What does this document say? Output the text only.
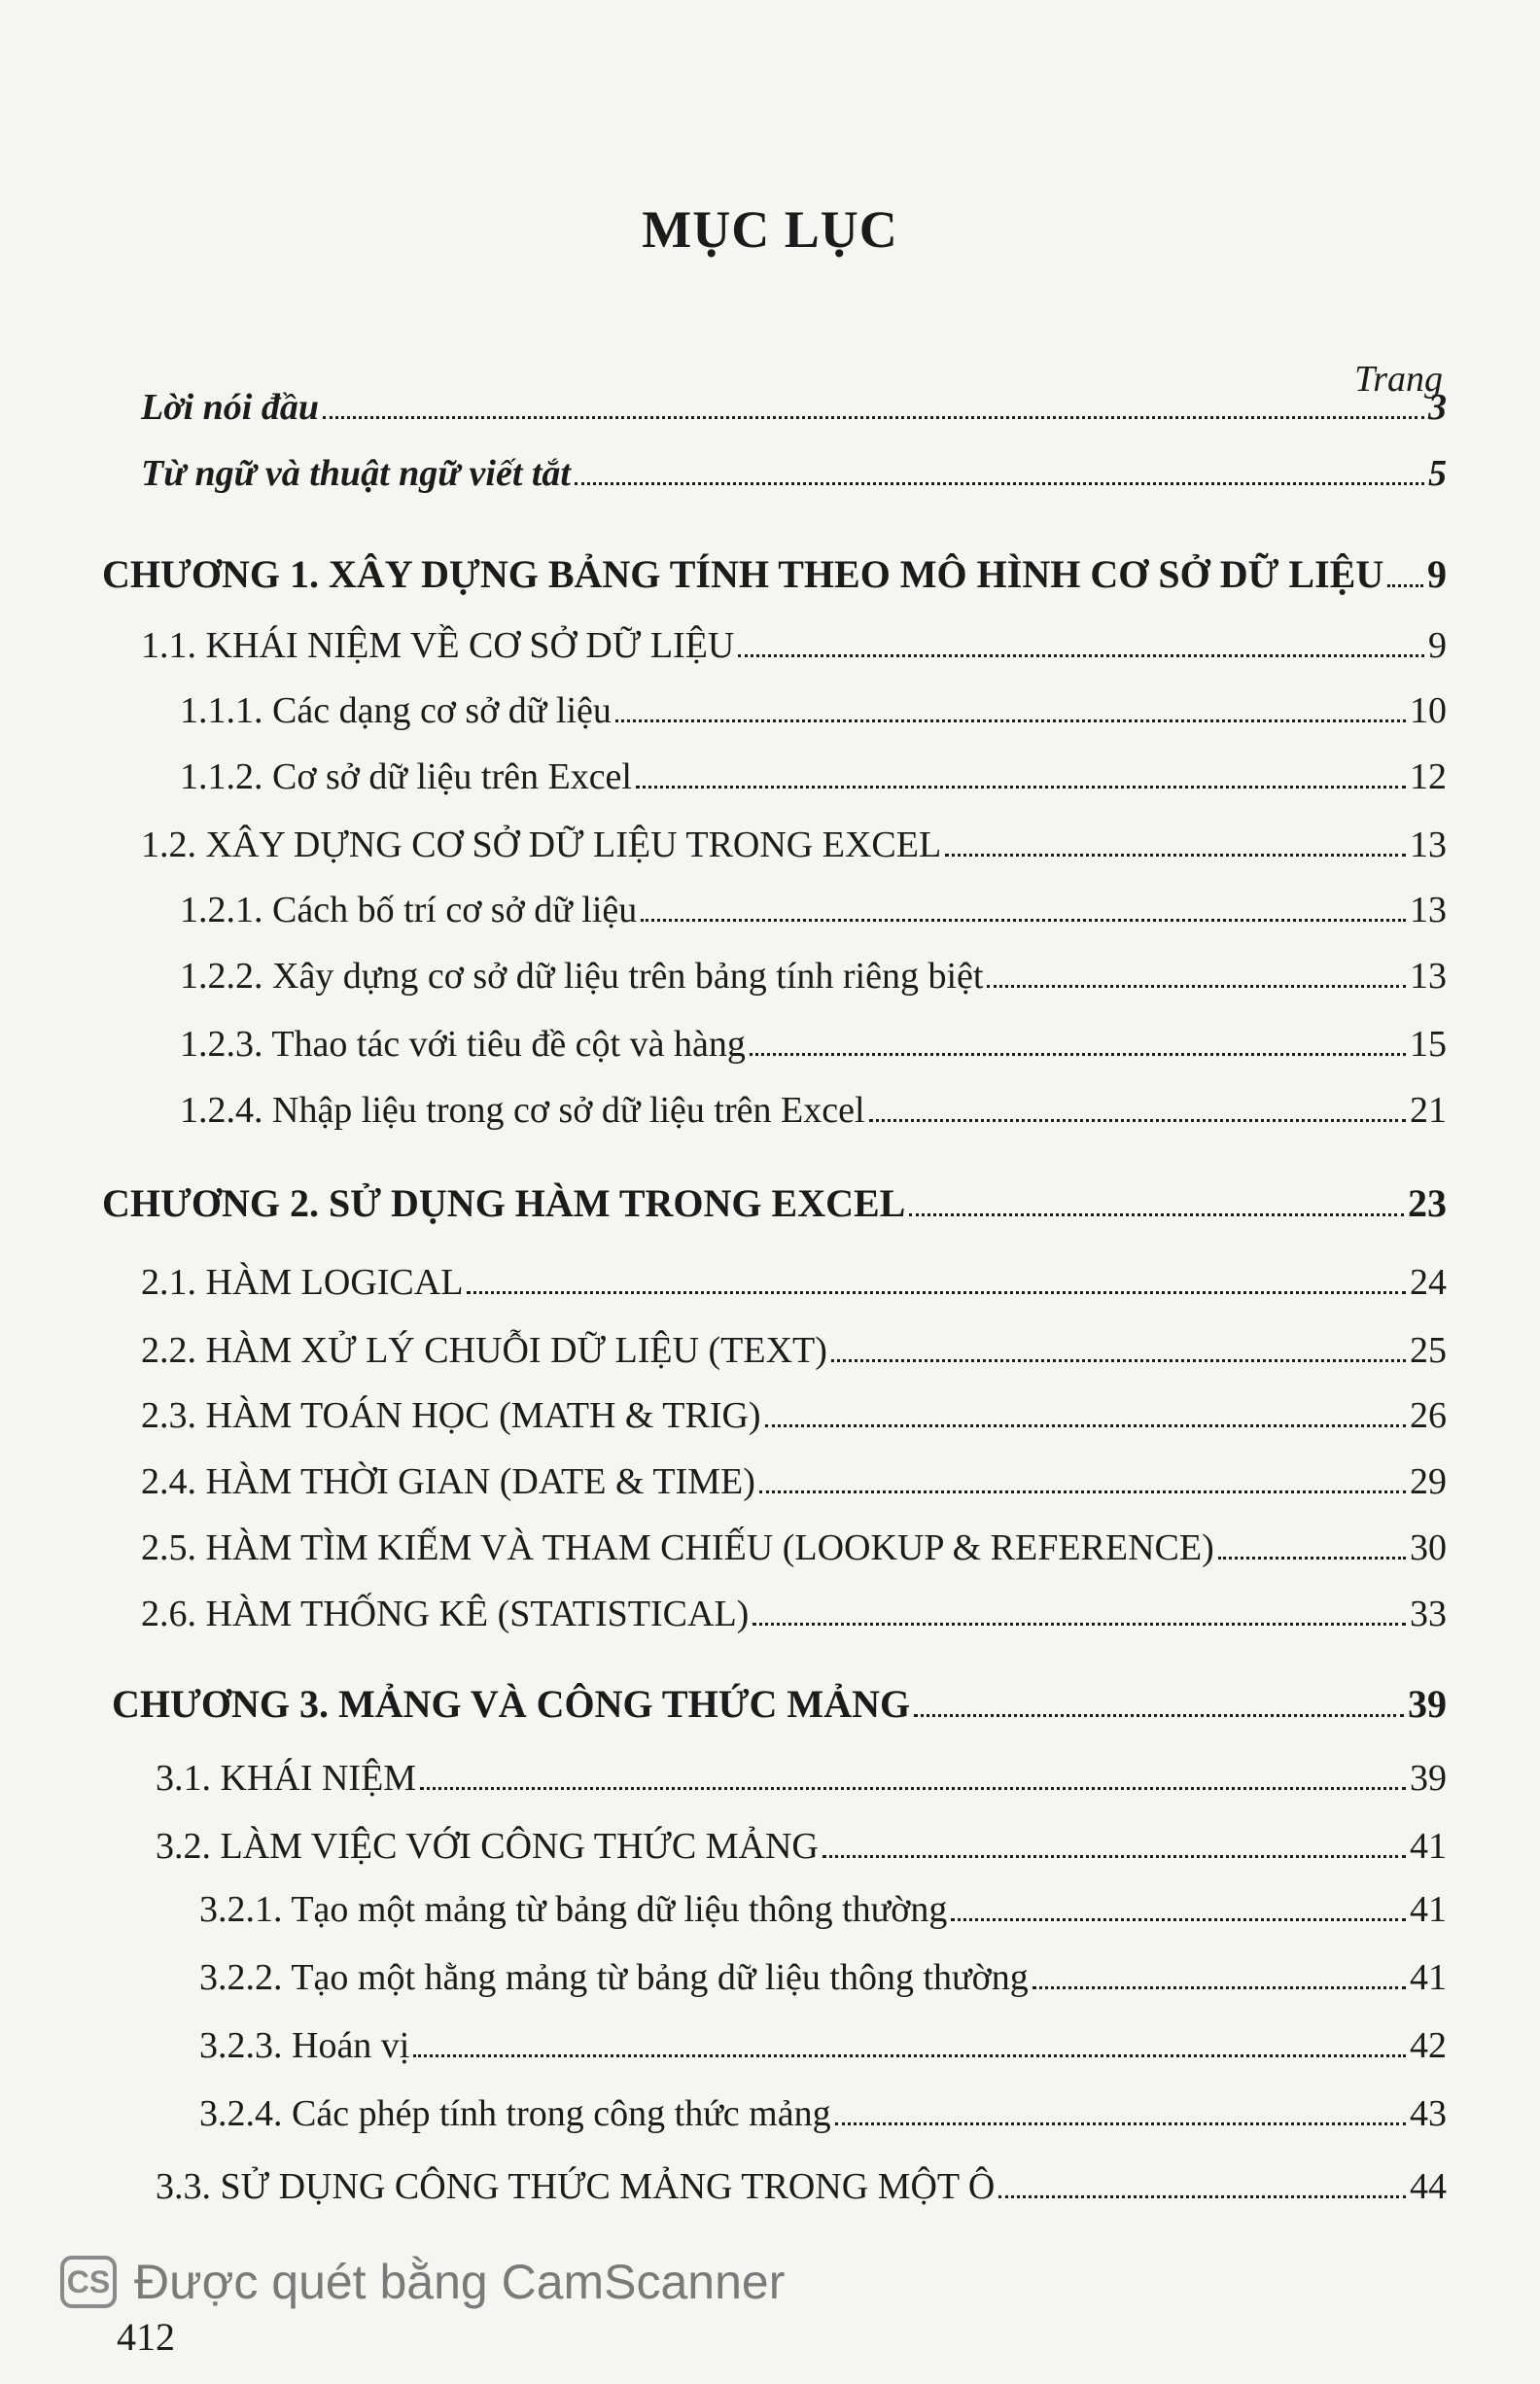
MỤC LỤC
Trang
Lời nói đầu	3
Từ ngữ và thuật ngữ viết tắt	5
CHƯƠNG 1. XÂY DỰNG BẢNG TÍNH THEO MÔ HÌNH CƠ SỞ DỮ LIỆU 9
1.1. KHÁI NIỆM VỀ CƠ SỞ DỮ LIỆU	9
1.1.1. Các dạng cơ sở dữ liệu	10
1.1.2. Cơ sở dữ liệu trên Excel	12
1.2. XÂY DỰNG CƠ SỞ DỮ LIỆU TRONG EXCEL	13
1.2.1. Cách bố trí cơ sở dữ liệu	13
1.2.2. Xây dựng cơ sở dữ liệu trên bảng tính riêng biệt	13
1.2.3. Thao tác với tiêu đề cột và hàng	15
1.2.4. Nhập liệu trong cơ sở dữ liệu trên Excel	21
CHƯƠNG 2. SỬ DỤNG HÀM TRONG EXCEL	23
2.1. HÀM LOGICAL	24
2.2. HÀM XỬ LÝ CHUỖI DỮ LIỆU (TEXT)	25
2.3. HÀM TOÁN HỌC (MATH & TRIG)	26
2.4. HÀM THỜI GIAN (DATE & TIME)	29
2.5. HÀM TÌM KIẾM VÀ THAM CHIẾU (LOOKUP & REFERENCE)	30
2.6. HÀM THỐNG KÊ (STATISTICAL)	33
CHƯƠNG 3. MẢNG VÀ CÔNG THỨC MẢNG	39
3.1. KHÁI NIỆM	39
3.2. LÀM VIỆC VỚI CÔNG THỨC MẢNG	41
3.2.1. Tạo một mảng từ bảng dữ liệu thông thường	41
3.2.2. Tạo một hằng mảng từ bảng dữ liệu thông thường	41
3.2.3. Hoán vị	42
3.2.4. Các phép tính trong công thức mảng	43
3.3. SỬ DỤNG CÔNG THỨC MẢNG TRONG MỘT Ô	44
CS Được quét bằng CamScanner
412
